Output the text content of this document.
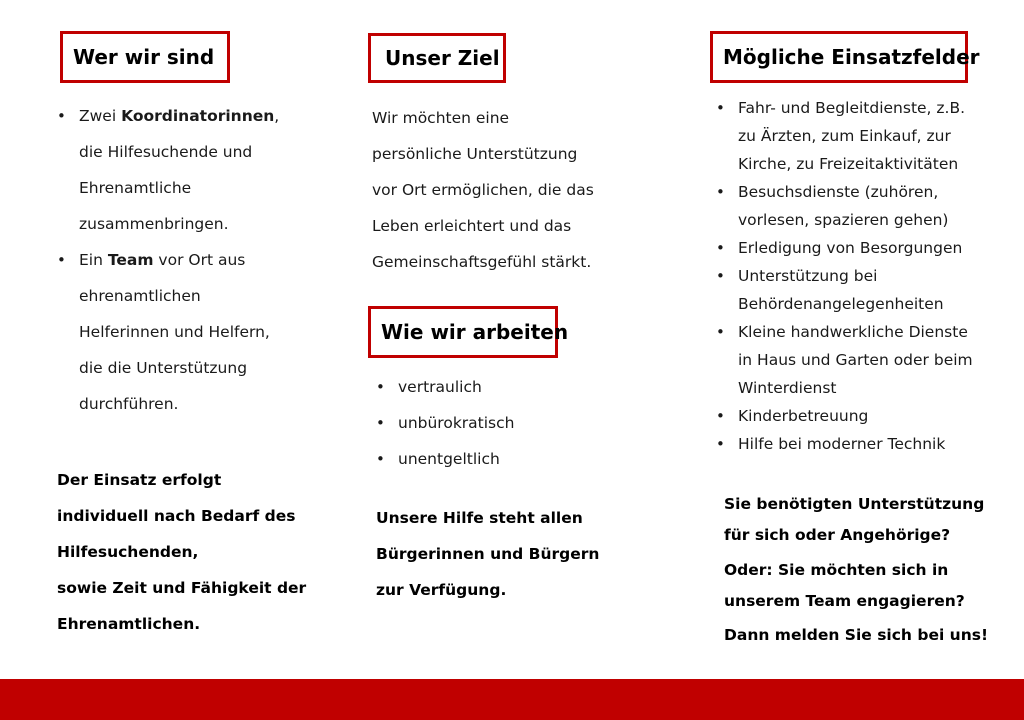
Wer wir sind
• Zwei Koordinatorinnen,
die Hilfesuchende und
Ehrenamtliche
zusammenbringen.
• Ein Team vor Ort aus
ehrenamtlichen
Helferinnen und Helfern,
die die Unterstützung
durchführen.

Der Einsatz erfolgt
individuell nach Bedarf des
Hilfesuchenden,
sowie Zeit und Fähigkeit der
Ehrenamtlichen.

Unser Ziel

Wir möchten eine
persönliche Unterstützung
vor Ort ermöglichen, die das
Leben erleichtert und das
Gemeinschaftsgefühl stärkt.

Wie wir arbeiten
• vertraulich
• unbürokratisch
• unentgeltlich

Unsere Hilfe steht allen
Bürgerinnen und Bürgern
zur Verfügung.

Mögliche Einsatzfelder
• Fahr- und Begleitdienste, z.B.
zu Ärzten, zum Einkauf, zur
Kirche, zu Freizeitaktivitäten
• Besuchsdienste (zuhören,
vorlesen, spazieren gehen)
• Erledigung von Besorgungen
• Unterstützung bei
Behördenangelegenheiten
• Kleine handwerkliche Dienste
in Haus und Garten oder beim
Winterdienst
• Kinderbetreuung
• Hilfe bei moderner Technik

Sie benötigten Unterstützung
für sich oder Angehörige?

Oder: Sie möchten sich in
unserem Team engagieren?

Dann melden Sie sich bei uns!
